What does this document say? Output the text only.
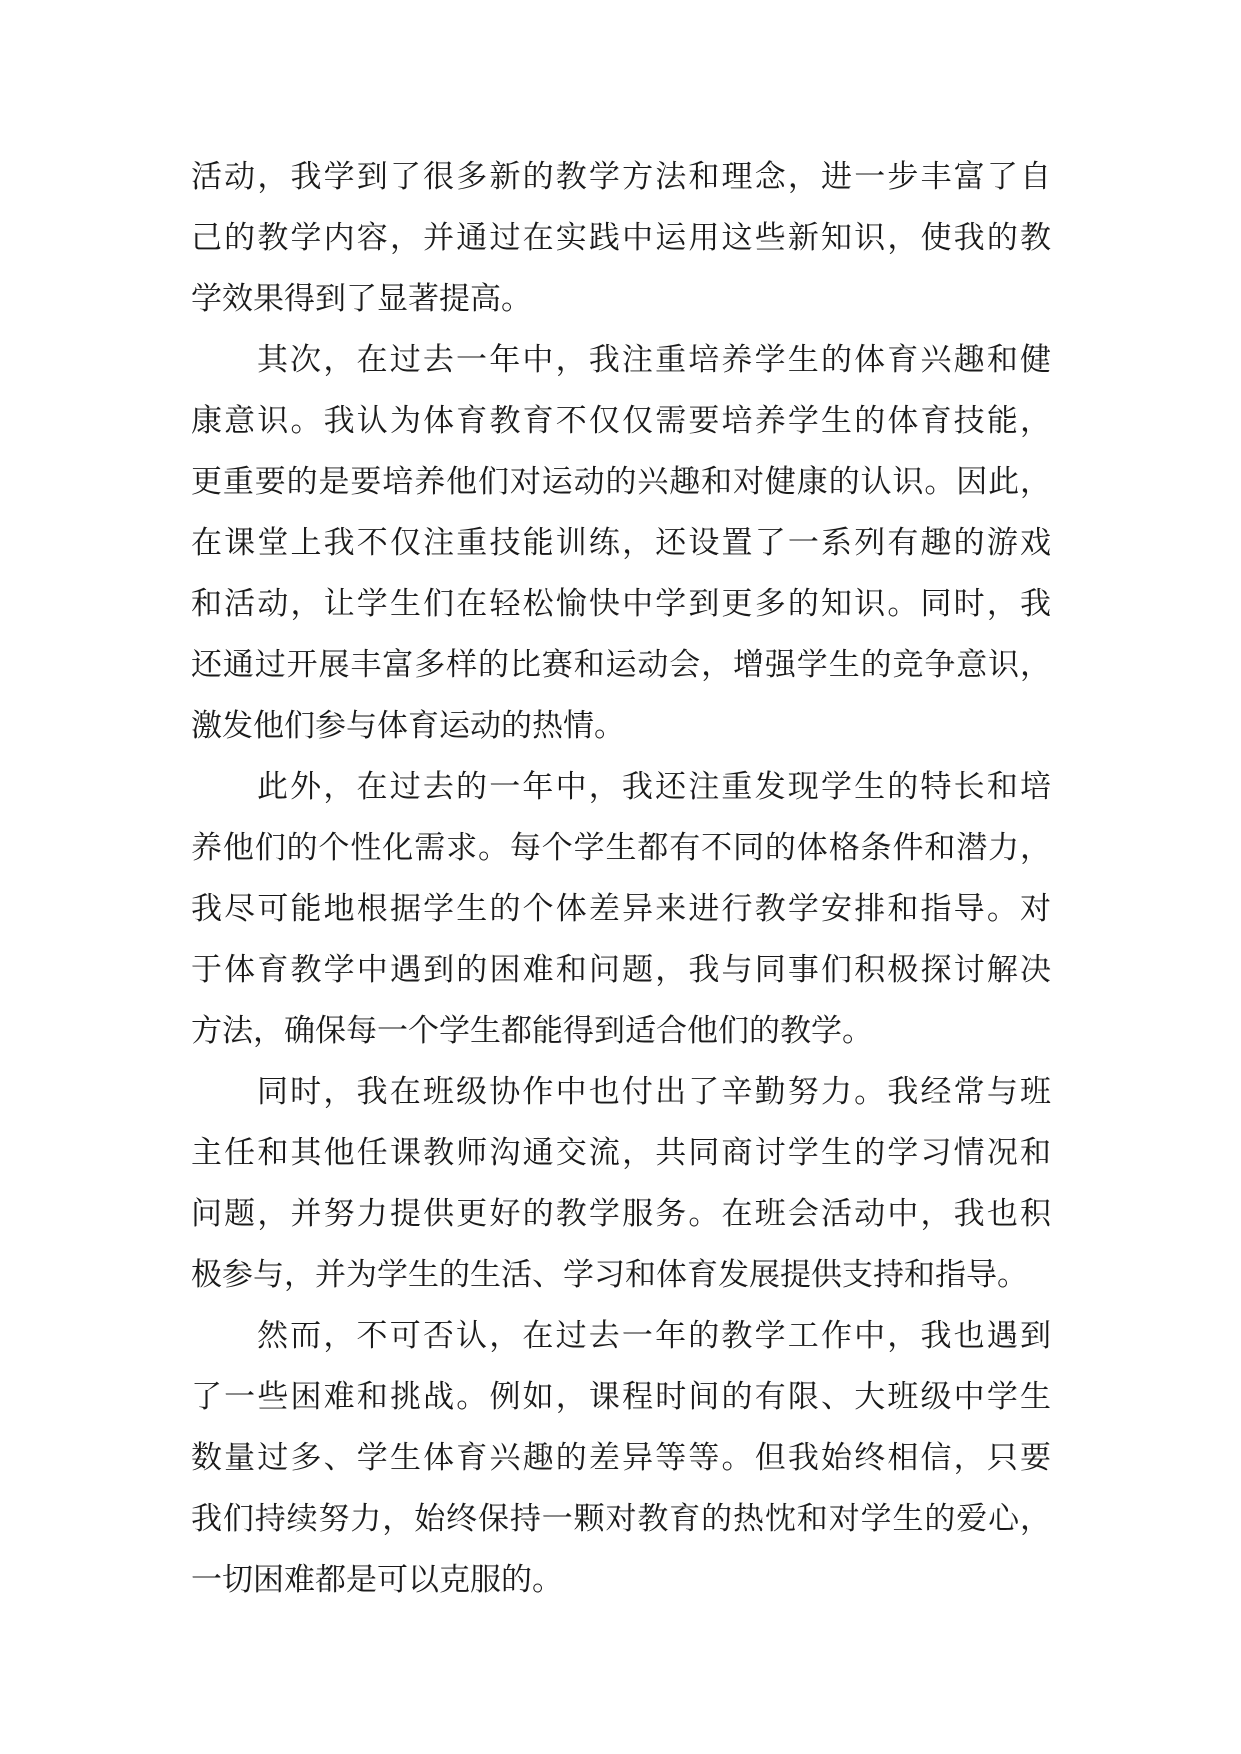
活动，我学到了很多新的教学方法和理念，进一步丰富了自
己的教学内容，并通过在实践中运用这些新知识，使我的教
学效果得到了显著提高。
其次，在过去一年中，我注重培养学生的体育兴趣和健
康意识。我认为体育教育不仅仅需要培养学生的体育技能，
更重要的是要培养他们对运动的兴趣和对健康的认识。因此，
在课堂上我不仅注重技能训练，还设置了一系列有趣的游戏
和活动，让学生们在轻松愉快中学到更多的知识。同时，我
还通过开展丰富多样的比赛和运动会，增强学生的竞争意识，
激发他们参与体育运动的热情。
此外，在过去的一年中，我还注重发现学生的特长和培
养他们的个性化需求。每个学生都有不同的体格条件和潜力，
我尽可能地根据学生的个体差异来进行教学安排和指导。对
于体育教学中遇到的困难和问题，我与同事们积极探讨解决
方法，确保每一个学生都能得到适合他们的教学。
同时，我在班级协作中也付出了辛勤努力。我经常与班
主任和其他任课教师沟通交流，共同商讨学生的学习情况和
问题，并努力提供更好的教学服务。在班会活动中，我也积
极参与，并为学生的生活、学习和体育发展提供支持和指导。
然而，不可否认，在过去一年的教学工作中，我也遇到
了一些困难和挑战。例如，课程时间的有限、大班级中学生
数量过多、学生体育兴趣的差异等等。但我始终相信，只要
我们持续努力，始终保持一颗对教育的热忱和对学生的爱心，
一切困难都是可以克服的。
